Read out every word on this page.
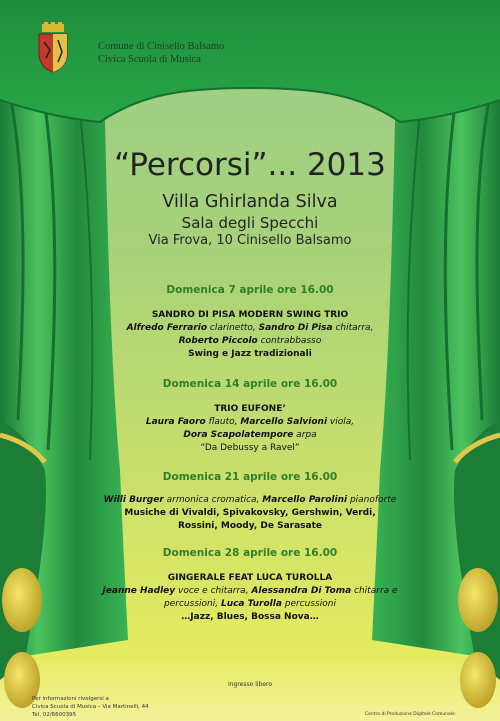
Comune di Cinisello Balsamo
Civica Scuola di Musica
“Percorsi”... 2013
Villa Ghirlanda Silva
Sala degli Specchi
Via Frova, 10 Cinisello Balsamo
Domenica 7 aprile ore 16.00
SANDRO DI PISA MODERN SWING TRIO
Alfredo Ferrario clarinetto, Sandro Di Pisa chitarra,
Roberto Piccolo contrabbasso
Swing e Jazz tradizionali
Domenica 14 aprile ore 16.00
TRIO EUFONE’
Laura Faoro flauto, Marcello Salvioni viola,
Dora Scapolatempore arpa
“Da Debussy a Ravel”
Domenica 21 aprile ore 16.00
Willi Burger armonica cromatica, Marcello Parolini pianoforte
Musiche di Vivaldi, Spivakovsky, Gershwin, Verdi,
Rossini, Moody, De Sarasate
Domenica 28 aprile ore 16.00
GINGERALE FEAT LUCA TUROLLA
Jeanne Hadley voce e chitarra, Alessandra Di Toma chitarra e
percussioni, Luca Turolla percussioni
…Jazz, Blues, Bossa Nova…
Ingresso libero
Per informazioni rivolgersi a
Civica Scuola di Musica – Via Martinelli, 44
Tel. 02/6600395	Centro di Produzione Digitale Comunale
